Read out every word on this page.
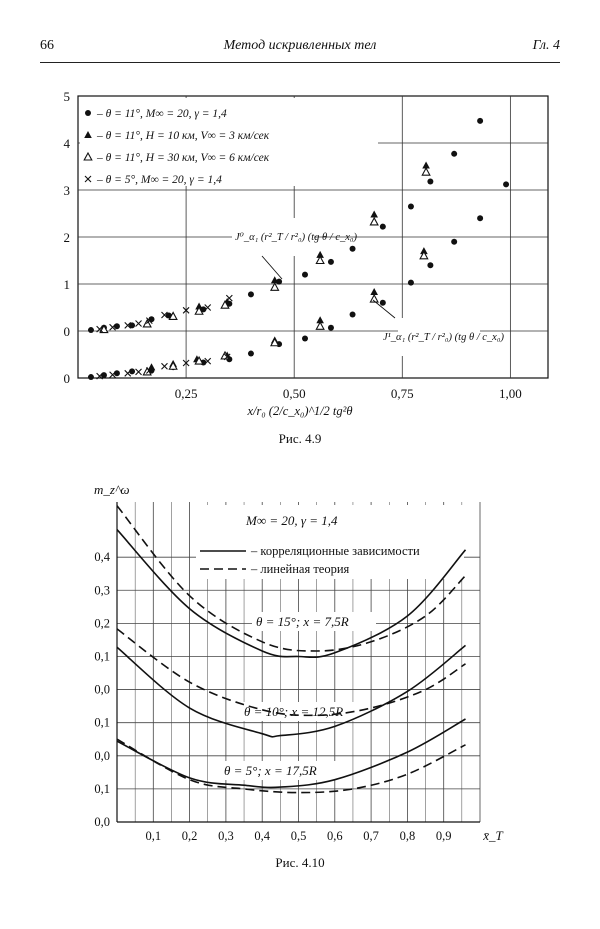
66	Метод искривленных тел	Гл. 4
0,25	0,50	0,75	1,00
0
1
2
3
4
5
0
– θ = 11°, M∞ = 20, γ = 1,4
– θ = 11°, H = 10 км, V∞ = 3 км/сек
– θ = 11°, H = 30 км, V∞ = 6 км/сек
– θ = 5°, M∞ = 20, γ = 1,4
J⁰_α₁ (r²_T / r²₀) (tg θ / c_x₀)
J¹_α₁ (r²_T / r²₀) (tg θ / c_x₀)
x/r₀ (2/c_x₀)^1/2 tg²θ
0,0
0,1
0,0
0,1
0,0
0,1
0,2
0,3
0,4
0,1 0,2 0,3 0,4 0,5 0,6 0,7 0,8 0,9 x̄_T
m_z^ω
M∞ = 20, γ = 1,4
– корреляционные зависимости
– линейная теория
θ = 15°; x = 7,5R
θ = 10°; x = 12,5R
θ = 5°; x = 17,5R
Рис. 4.9
Рис. 4.10
